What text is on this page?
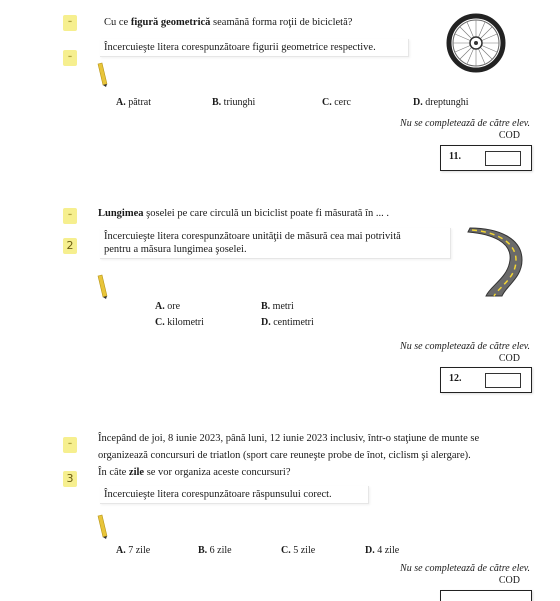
▪▪
▪▪
Cu ce figură geometrică seamănă forma roţii de bicicletă?
Încercuieşte litera corespunzătoare figurii geometrice respective.
A. pătrat	B. triunghi	C. cerc	D. dreptunghi
Nu se completează de către elev.
COD
11.
▪▪
2
Lungimea şoselei pe care circulă un biciclist poate fi măsurată în ... .
Încercuieşte litera corespunzătoare unităţii de măsură cea mai potrivită
pentru a măsura lungimea şoselei.
A. ore	B. metri
C. kilometri	D. centimetri
Nu se completează de către elev.
COD
12.
▪▪
3
Începând de joi, 8 iunie 2023, până luni, 12 iunie 2023 inclusiv, într-o staţiune de munte se
organizează concursuri de triatlon (sport care reuneşte probe de înot, ciclism şi alergare).
În câte zile se vor organiza aceste concursuri?
Încercuieşte litera corespunzătoare răspunsului corect.
A. 7 zile	B. 6 zile	C. 5 zile	D. 4 zile
Nu se completează de către elev.
COD
